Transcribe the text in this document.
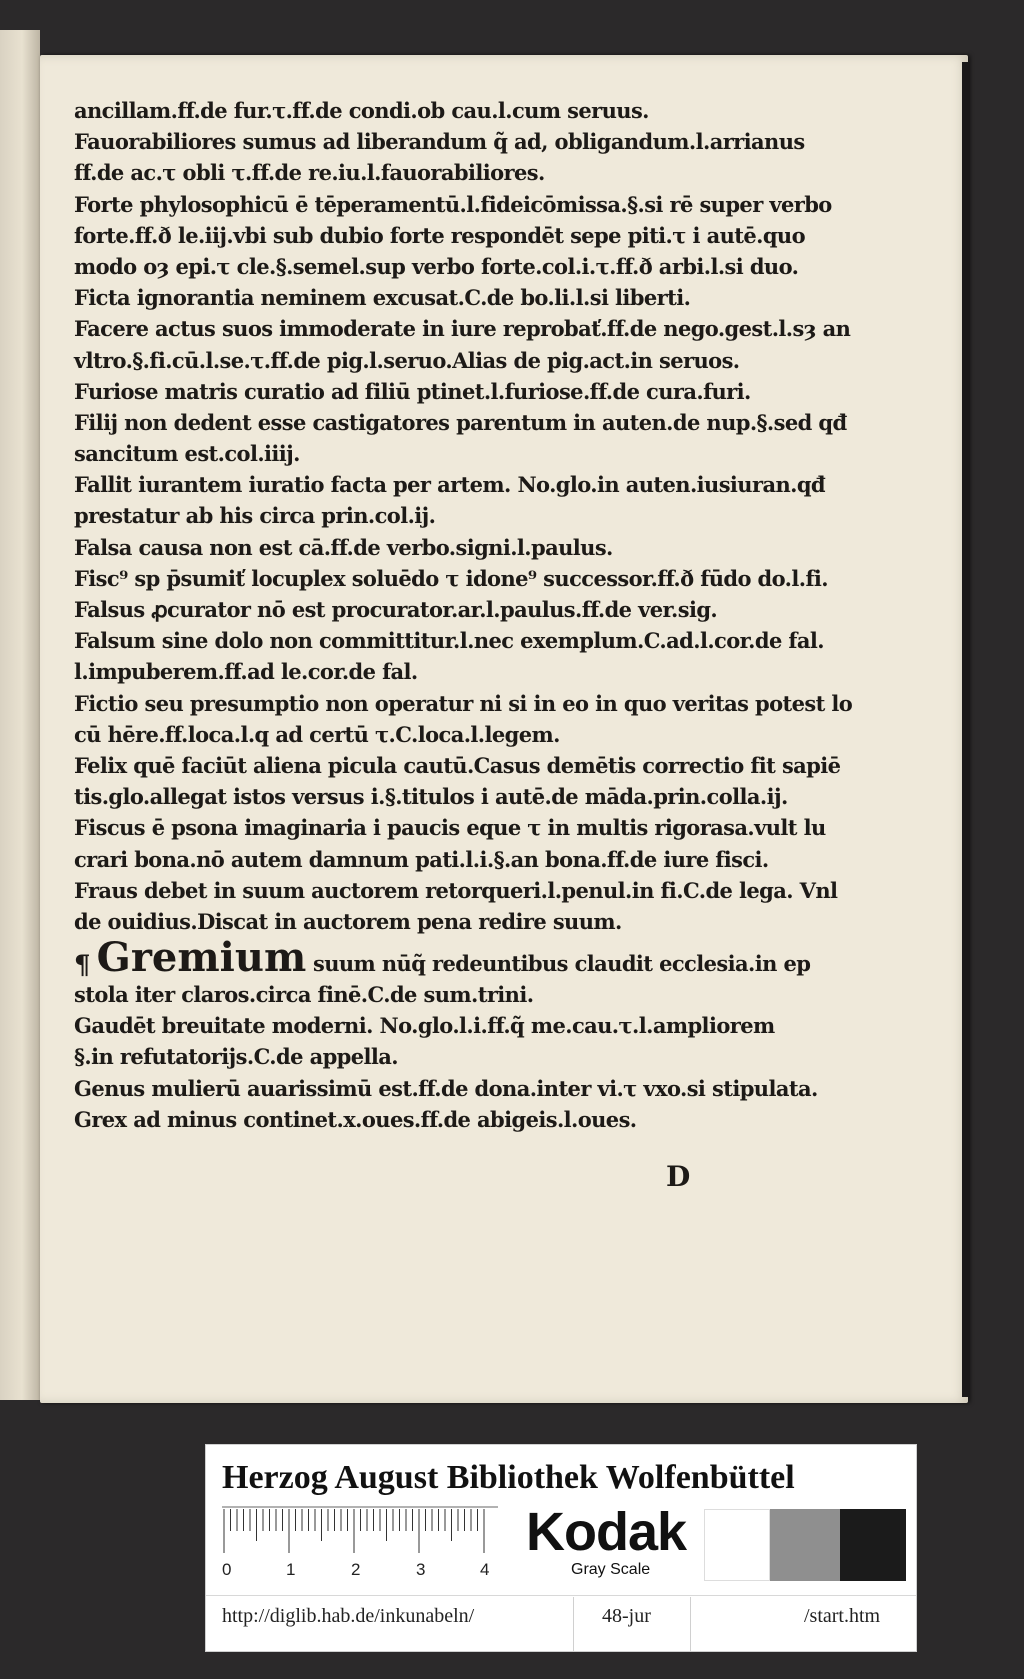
ancillam.ff.de fur.τ.ff.de condi.ob cau.l.cum seruus.
Fauorabiliores sumus ad liberandum q̃ ad, obligandum.l.arrianus
ff.de ac.τ obli τ.ff.de re.iu.l.fauorabiliores.
Forte phylosophicū ē tēperamentū.l.fideicōmissa.§.si rē super verbo
forte.ff.ð le.iij.vbi sub dubio forte respondēt sepe piti.τ i autē.quo
modo oȝ epi.τ cle.§.semel.sup verbo forte.col.i.τ.ff.ð arbi.l.si duo.
Ficta ignorantia neminem excusat.C.de bo.li.l.si liberti.
Facere actus suos immoderate in iure reprobať.ff.de nego.gest.l.sȝ an
vltro.§.fi.cū.l.se.τ.ff.de pig.l.seruo.Alias de pig.act.in seruos.
Furiose matris curatio ad filiū ptinet.l.furiose.ff.de cura.furi.
Filij non dedent esse castigatores parentum in auten.de nup.§.sed qđ
sancitum est.col.iiij.
Fallit iurantem iuratio facta per artem. No.glo.in auten.iusiuran.qđ
prestatur ab his circa prin.col.ij.
Falsa causa non est cā.ff.de verbo.signi.l.paulus.
Fisc⁹ sp p̄sumiť locuplex soluēdo τ idone⁹ successor.ff.ð fūdo do.l.fi.
Falsus ꝓcurator nō est procurator.ar.l.paulus.ff.de ver.sig.
Falsum sine dolo non committitur.l.nec exemplum.C.ad.l.cor.de fal.
l.impuberem.ff.ad le.cor.de fal.
Fictio seu presumptio non operatur ni si in eo in quo veritas potest lo
cū hēre.ff.loca.l.q ad certū τ.C.loca.l.legem.
Felix quē faciūt aliena picula cautū.Casus demētis correctio fit sapiē
tis.glo.allegat istos versus i.§.titulos i autē.de māda.prin.colla.ij.
Fiscus ē psona imaginaria i paucis eque τ in multis rigorasa.vult lu
crari bona.nō autem damnum pati.l.i.§.an bona.ff.de iure fisci.
Fraus debet in suum auctorem retorqueri.l.penul.in fi.C.de lega. Vnl
de ouidius.Discat in auctorem pena redire suum.
¶ Gremium suum nūq̃ redeuntibus claudit ecclesia.in ep
stola iter claros.circa finē.C.de sum.trini.
Gaudēt breuitate moderni. No.glo.l.i.ff.q̃ me.cau.τ.l.ampliorem
§.in refutatorijs.C.de appella.
Genus mulierū auarissimū est.ff.de dona.inter vi.τ vxo.si stipulata.
Grex ad minus continet.x.oues.ff.de abigeis.l.oues.
D
Herzog August Bibliothek Wolfenbüttel
0	1	2	3	4
Kodak
Gray Scale
http://diglib.hab.de/inkunabeln/	48-jur	/start.htm
